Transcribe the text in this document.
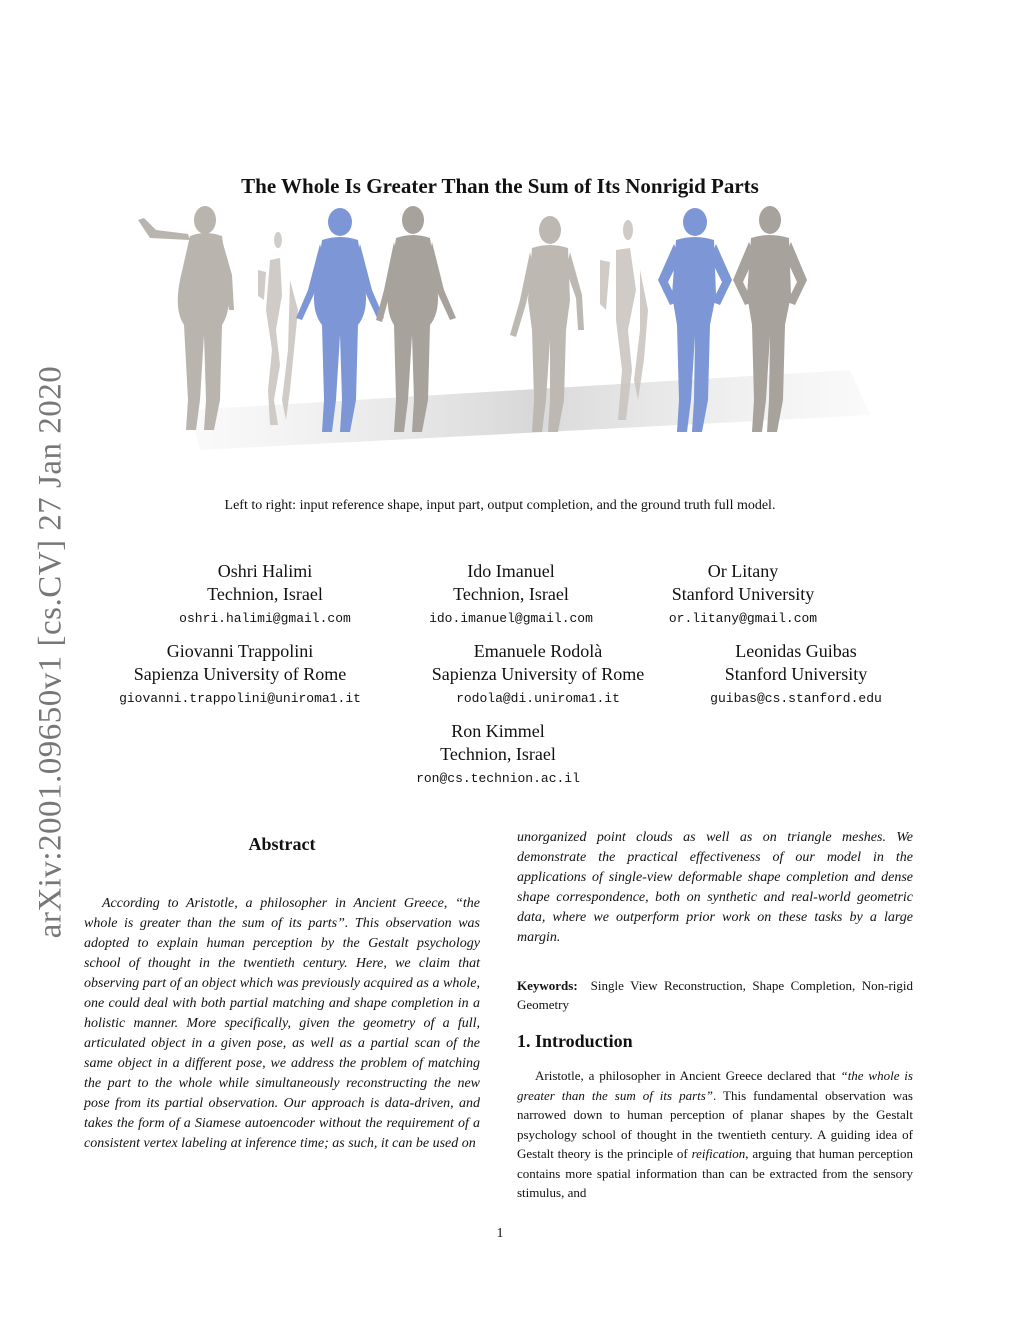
arXiv:2001.09650v1 [cs.CV] 27 Jan 2020
The Whole Is Greater Than the Sum of Its Nonrigid Parts
Left to right: input reference shape, input part, output completion, and the ground truth full model.
Oshri Halimi
Technion, Israel
oshri.halimi@gmail.com
Ido Imanuel
Technion, Israel
ido.imanuel@gmail.com
Or Litany
Stanford University
or.litany@gmail.com
Giovanni Trappolini
Sapienza University of Rome
giovanni.trappolini@uniroma1.it
Emanuele Rodolà
Sapienza University of Rome
rodola@di.uniroma1.it
Leonidas Guibas
Stanford University
guibas@cs.stanford.edu
Ron Kimmel
Technion, Israel
ron@cs.technion.ac.il
Abstract
According to Aristotle, a philosopher in Ancient Greece, “the whole is greater than the sum of its parts”. This observation was adopted to explain human perception by the Gestalt psychology school of thought in the twentieth century. Here, we claim that observing part of an object which was previously acquired as a whole, one could deal with both partial matching and shape completion in a holistic manner. More specifically, given the geometry of a full, articulated object in a given pose, as well as a partial scan of the same object in a different pose, we address the problem of matching the part to the whole while simultaneously reconstructing the new pose from its partial observation. Our approach is data-driven, and takes the form of a Siamese autoencoder without the requirement of a consistent vertex labeling at inference time; as such, it can be used on
unorganized point clouds as well as on triangle meshes. We demonstrate the practical effectiveness of our model in the applications of single-view deformable shape completion and dense shape correspondence, both on synthetic and real-world geometric data, where we outperform prior work on these tasks by a large margin.
Keywords: Single View Reconstruction, Shape Completion, Non-rigid Geometry
1. Introduction
Aristotle, a philosopher in Ancient Greece declared that “the whole is greater than the sum of its parts”. This fundamental observation was narrowed down to human perception of planar shapes by the Gestalt psychology school of thought in the twentieth century. A guiding idea of Gestalt theory is the principle of reification, arguing that human perception contains more spatial information than can be extracted from the sensory stimulus, and
1
